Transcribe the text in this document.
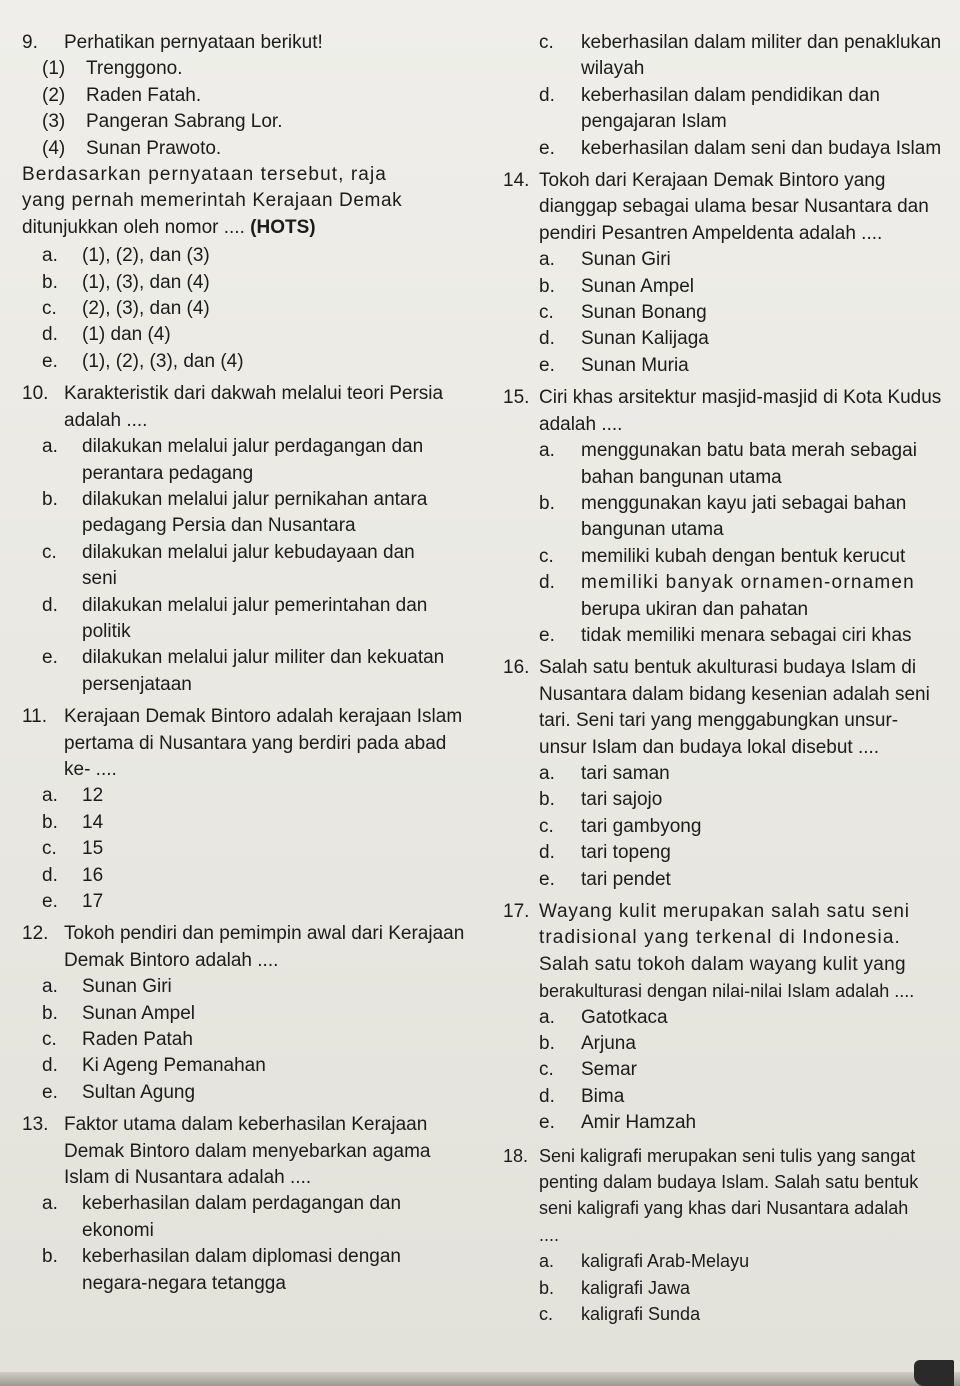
9.	Perhatikan pernyataan berikut!
(1)	Trenggono.
(2)	Raden Fatah.
(3)	Pangeran Sabrang Lor.
(4)	Sunan Prawoto.
Berdasarkan pernyataan tersebut, raja
yang pernah memerintah Kerajaan Demak
ditunjukkan oleh nomor .... (HOTS)
a.	(1), (2), dan (3)
b.	(1), (3), dan (4)
c.	(2), (3), dan (4)
d.	(1) dan (4)
e.	(1), (2), (3), dan (4)
10. Karakteristik dari dakwah melalui teori Persia
adalah ....
a.	dilakukan melalui jalur perdagangan dan
perantara pedagang
b.	dilakukan melalui jalur pernikahan antara
pedagang Persia dan Nusantara
c.	dilakukan melalui jalur kebudayaan dan
seni
d.	dilakukan melalui jalur pemerintahan dan
politik
e.	dilakukan melalui jalur militer dan kekuatan
persenjataan
11. Kerajaan Demak Bintoro adalah kerajaan Islam
pertama di Nusantara yang berdiri pada abad
ke- ....
a.	12
b.	14
c.	15
d.	16
e.	17
12. Tokoh pendiri dan pemimpin awal dari Kerajaan
Demak Bintoro adalah ....
a.	Sunan Giri
b.	Sunan Ampel
c.	Raden Patah
d.	Ki Ageng Pemanahan
e.	Sultan Agung
13. Faktor utama dalam keberhasilan Kerajaan
Demak Bintoro dalam menyebarkan agama
Islam di Nusantara adalah ....
a.	keberhasilan dalam perdagangan dan
ekonomi
b.	keberhasilan dalam diplomasi dengan
negara-negara tetangga
c.	keberhasilan dalam militer dan penaklukan
wilayah
d.	keberhasilan dalam pendidikan dan
pengajaran Islam
e.	keberhasilan dalam seni dan budaya Islam
14. Tokoh dari Kerajaan Demak Bintoro yang
dianggap sebagai ulama besar Nusantara dan
pendiri Pesantren Ampeldenta adalah ....
a.	Sunan Giri
b.	Sunan Ampel
c.	Sunan Bonang
d.	Sunan Kalijaga
e.	Sunan Muria
15. Ciri khas arsitektur masjid-masjid di Kota Kudus
adalah ....
a.	menggunakan batu bata merah sebagai
bahan bangunan utama
b.	menggunakan kayu jati sebagai bahan
bangunan utama
c.	memiliki kubah dengan bentuk kerucut
d.	memiliki banyak ornamen-ornamen
berupa ukiran dan pahatan
e.	tidak memiliki menara sebagai ciri khas
16. Salah satu bentuk akulturasi budaya Islam di
Nusantara dalam bidang kesenian adalah seni
tari. Seni tari yang menggabungkan unsur-
unsur Islam dan budaya lokal disebut ....
a.	tari saman
b.	tari sajojo
c.	tari gambyong
d.	tari topeng
e.	tari pendet
17. Wayang kulit merupakan salah satu seni
tradisional yang terkenal di Indonesia.
Salah satu tokoh dalam wayang kulit yang
berakulturasi dengan nilai-nilai Islam adalah ....
a.	Gatotkaca
b.	Arjuna
c.	Semar
d.	Bima
e.	Amir Hamzah
18. Seni kaligrafi merupakan seni tulis yang sangat
penting dalam budaya Islam. Salah satu bentuk
seni kaligrafi yang khas dari Nusantara adalah
....
a.	kaligrafi Arab-Melayu
b.	kaligrafi Jawa
c.	kaligrafi Sunda
